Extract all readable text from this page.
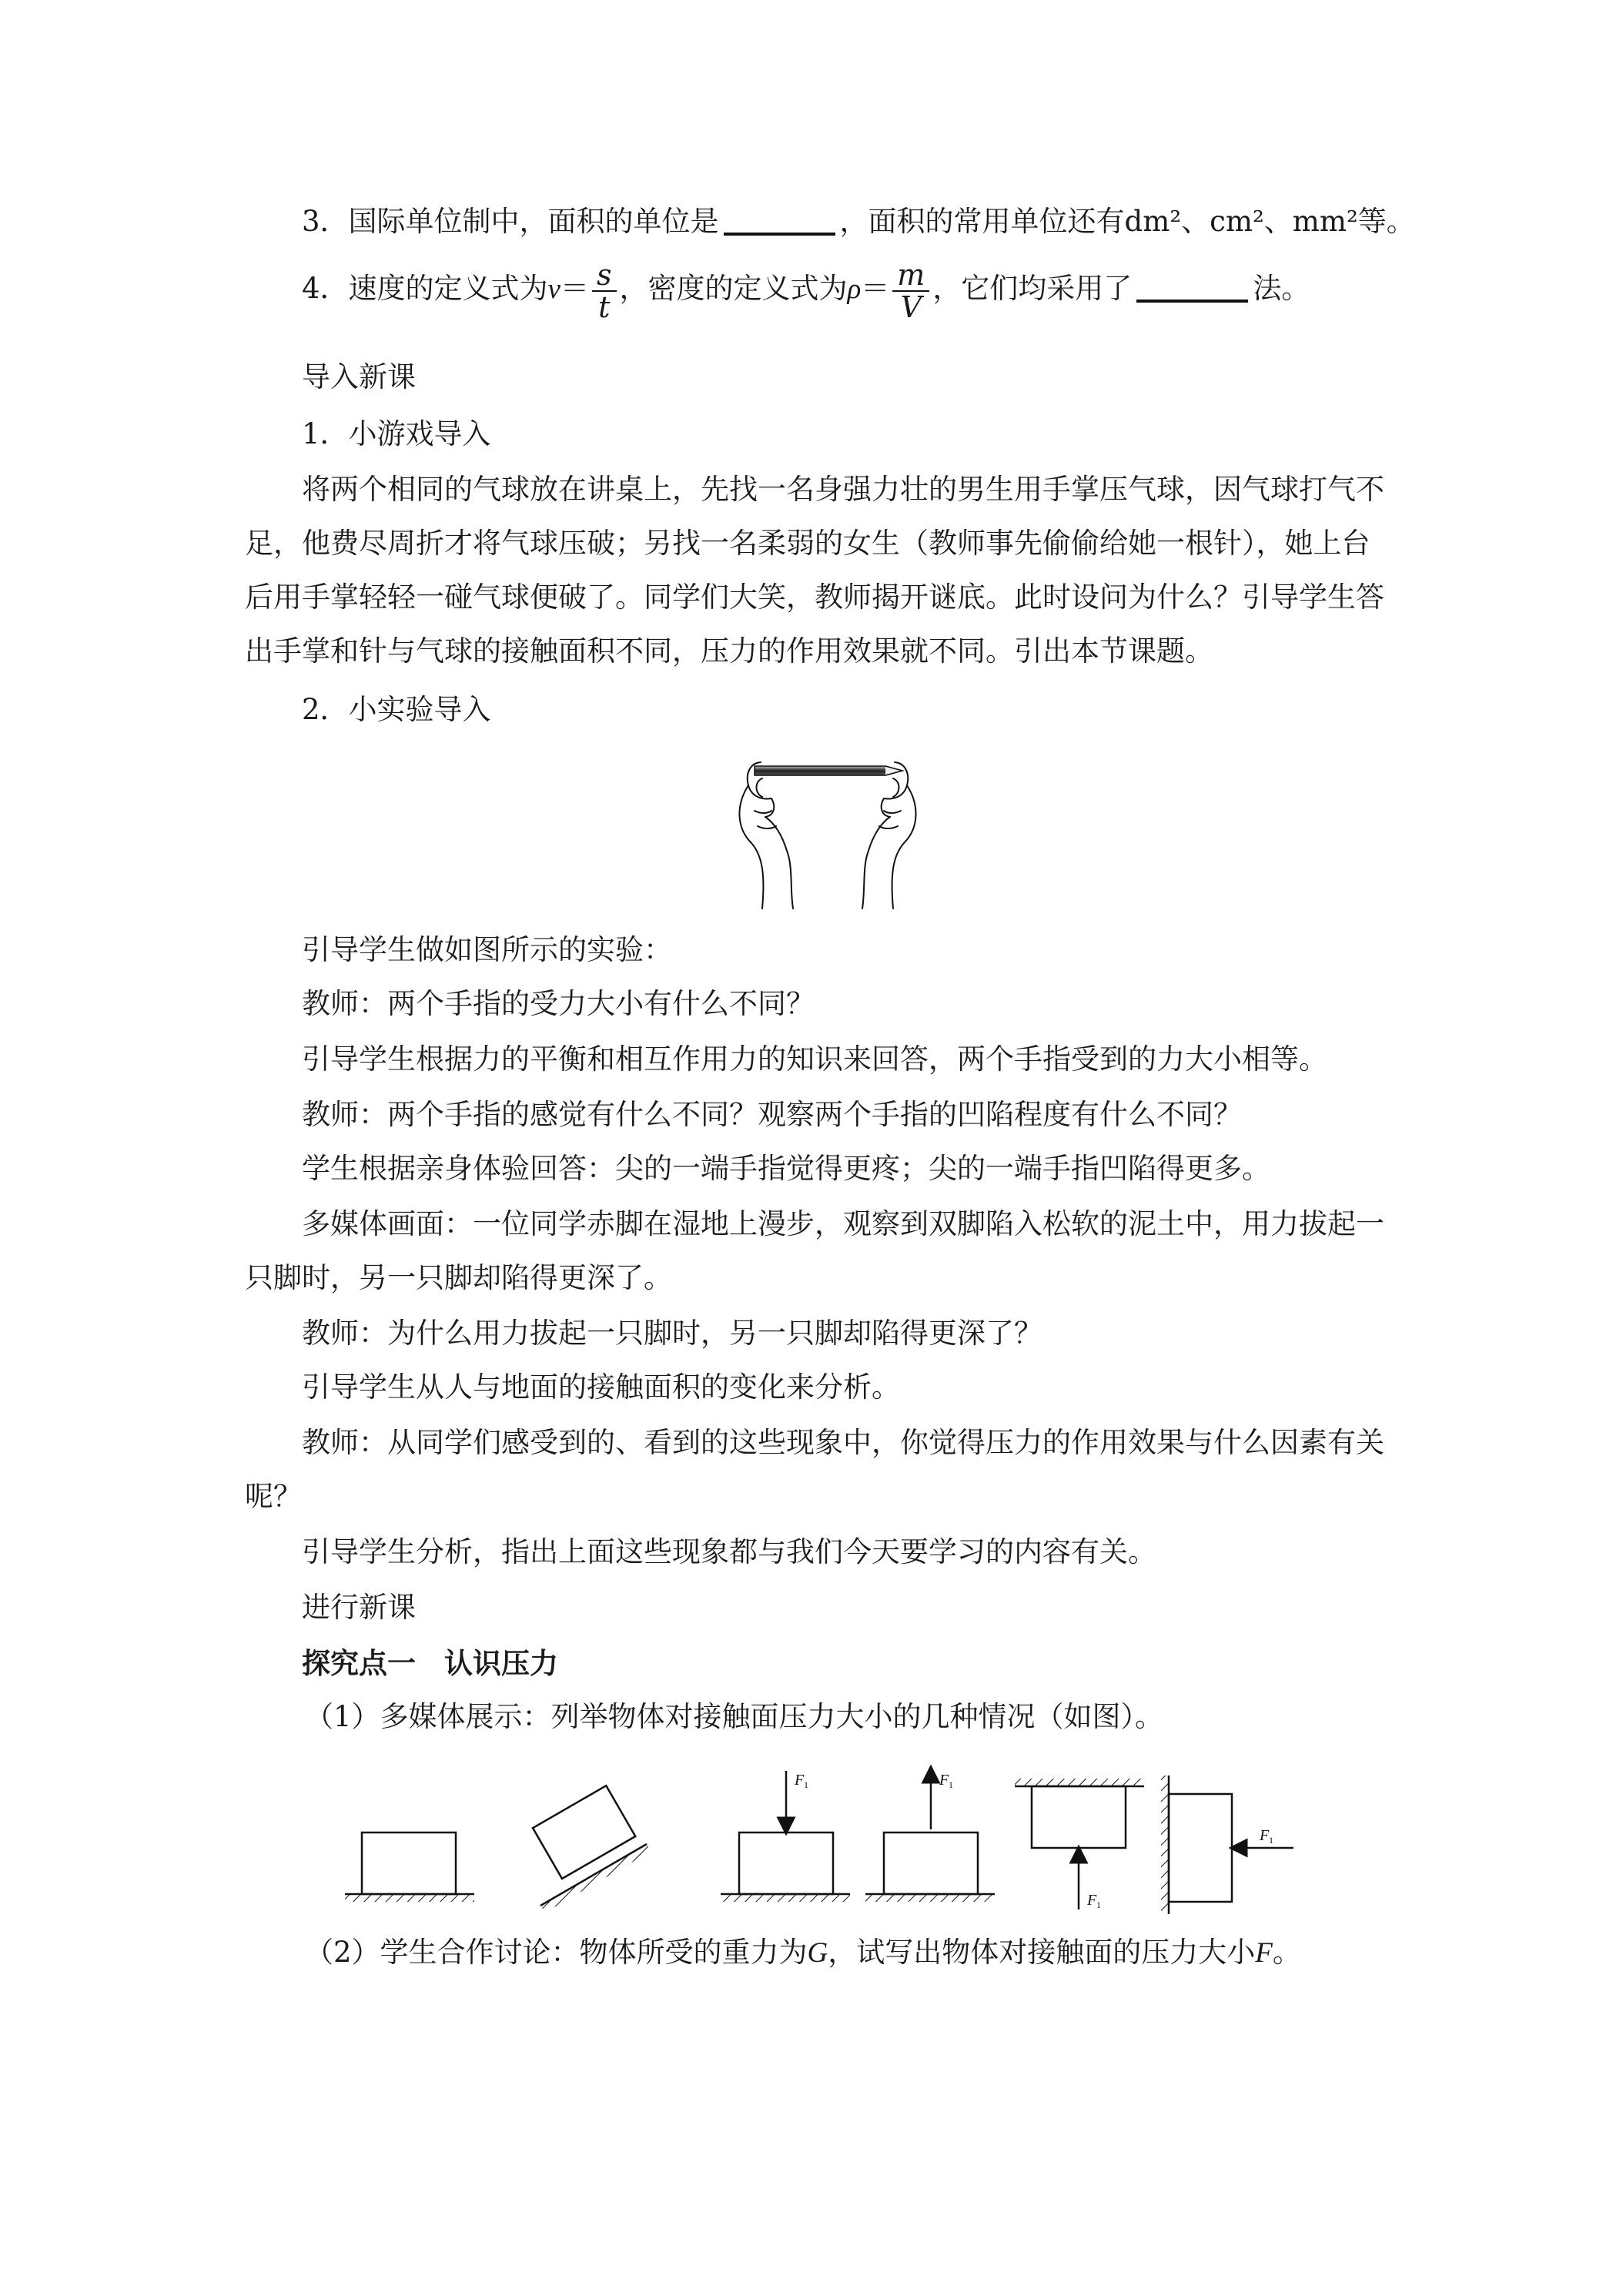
3．国际单位制中，面积的单位是	，面积的常用单位还有dm²、cm²、mm²等。
4．速度的定义式为$v= \frac{s}{t}$ ，密度的定义式为$\rho= \frac{m}{V}$ ，它们均采用了	法。
导入新课
1．小游戏导入
将两个相同的气球放在讲桌上，先找一名身强力壮的男生用手掌压气球，因气球打气不
足，他费尽周折才将气球压破；另找一名柔弱的女生（教师事先偷偷给她一根针），她上台
后用手掌轻轻一碰气球便破了。同学们大笑，教师揭开谜底。此时设问为什么？引导学生答
出手掌和针与气球的接触面积不同，压力的作用效果就不同。引出本节课题。
2．小实验导入
引导学生做如图所示的实验：
教师：两个手指的受力大小有什么不同？
引导学生根据力的平衡和相互作用力的知识来回答，两个手指受到的力大小相等。
教师：两个手指的感觉有什么不同？观察两个手指的凹陷程度有什么不同？
学生根据亲身体验回答：尖的一端手指觉得更疼；尖的一端手指凹陷得更多。
多媒体画面：一位同学赤脚在湿地上漫步，观察到双脚陷入松软的泥土中，用力拔起一
只脚时，另一只脚却陷得更深了。
教师：为什么用力拔起一只脚时，另一只脚却陷得更深了？
引导学生从人与地面的接触面积的变化来分析。
教师：从同学们感受到的、看到的这些现象中，你觉得压力的作用效果与什么因素有关
呢？
引导学生分析，指出上面这些现象都与我们今天要学习的内容有关。
进行新课
探究点一　认识压力
（1）多媒体展示：列举物体对接触面压力大小的几种情况（如图）。
F 1	F 1
F 1
F 1
（2）学生合作讨论：物体所受的重力为G，试写出物体对接触面的压力大小F。
